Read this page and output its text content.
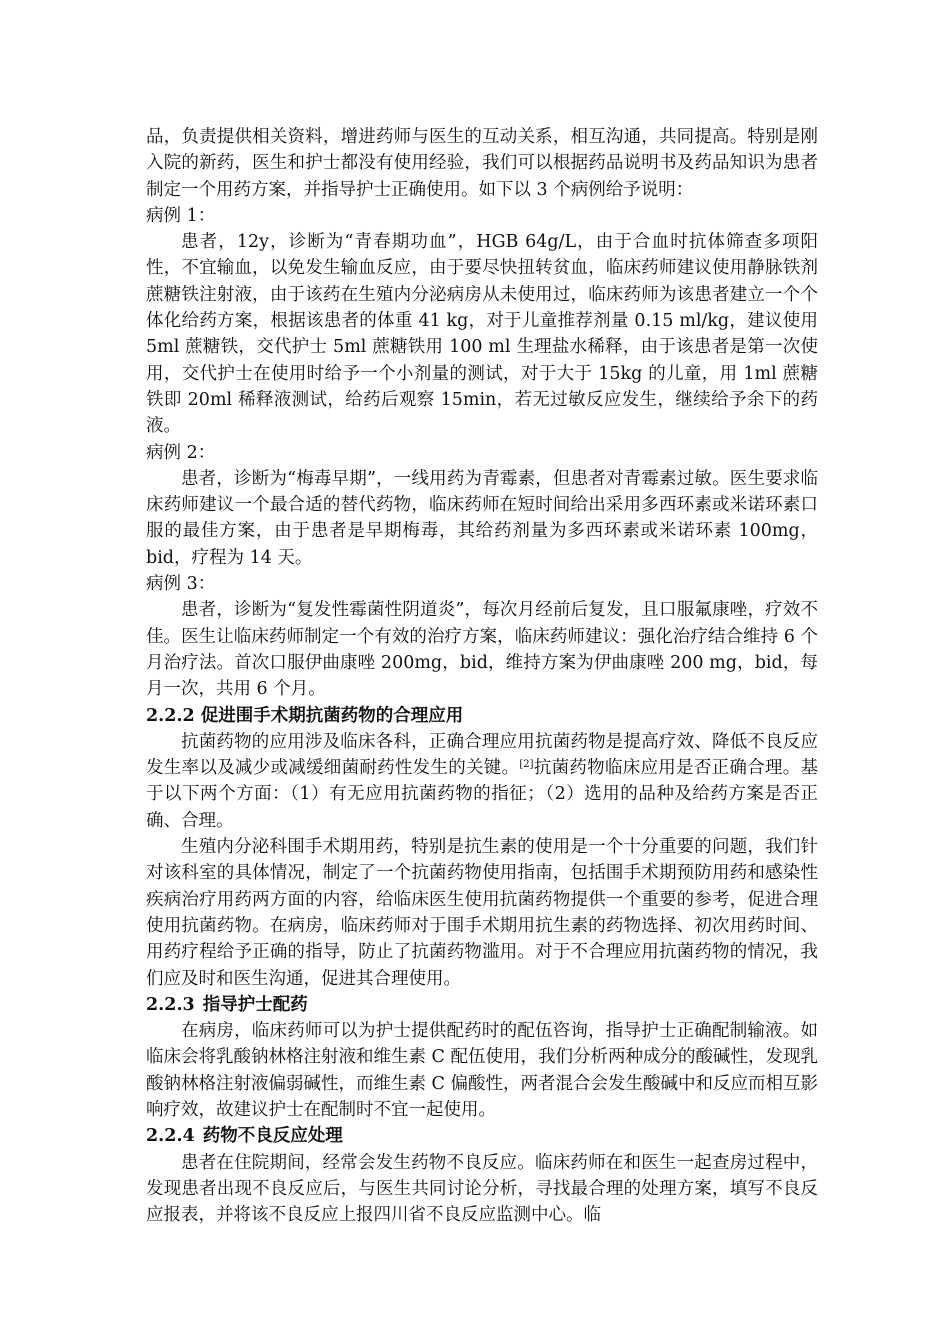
品，负责提供相关资料，增进药师与医生的互动关系，相互沟通，共同提高。特别是刚入院的新药，医生和护士都没有使用经验，我们可以根据药品说明书及药品知识为患者制定一个用药方案，并指导护士正确使用。如下以 3 个病例给予说明：

病例 1：

患者，12y，诊断为“青春期功血”，HGB 64g/L，由于合血时抗体筛查多项阳性，不宜输血，以免发生输血反应，由于要尽快扭转贫血，临床药师建议使用静脉铁剂蔗糖铁注射液，由于该药在生殖内分泌病房从未使用过，临床药师为该患者建立一个个体化给药方案，根据该患者的体重 41 kg，对于儿童推荐剂量 0.15 ml/kg，建议使用 5ml 蔗糖铁，交代护士 5ml 蔗糖铁用 100 ml 生理盐水稀释，由于该患者是第一次使用，交代护士在使用时给予一个小剂量的测试，对于大于 15kg 的儿童，用 1ml 蔗糖铁即 20ml 稀释液测试，给药后观察 15min，若无过敏反应发生，继续给予余下的药液。

病例 2：

患者，诊断为“梅毒早期”，一线用药为青霉素，但患者对青霉素过敏。医生要求临床药师建议一个最合适的替代药物，临床药师在短时间给出采用多西环素或米诺环素口服的最佳方案，由于患者是早期梅毒，其给药剂量为多西环素或米诺环素 100mg，bid，疗程为 14 天。

病例 3：

患者，诊断为“复发性霉菌性阴道炎”，每次月经前后复发，且口服氟康唑，疗效不佳。医生让临床药师制定一个有效的治疗方案，临床药师建议：强化治疗结合维持 6 个月治疗法。首次口服伊曲康唑 200mg，bid，维持方案为伊曲康唑 200 mg，bid，每月一次，共用 6 个月。

2.2.2 促进围手术期抗菌药物的合理应用

抗菌药物的应用涉及临床各科，正确合理应用抗菌药物是提高疗效、降低不良反应发生率以及减少或减缓细菌耐药性发生的关键。[2]抗菌药物临床应用是否正确合理。基于以下两个方面：（1）有无应用抗菌药物的指征；（2）选用的品种及给药方案是否正确、合理。

生殖内分泌科围手术期用药，特别是抗生素的使用是一个十分重要的问题，我们针对该科室的具体情况，制定了一个抗菌药物使用指南，包括围手术期预防用药和感染性疾病治疗用药两方面的内容，给临床医生使用抗菌药物提供一个重要的参考，促进合理使用抗菌药物。在病房，临床药师对于围手术期用抗生素的药物选择、初次用药时间、用药疗程给予正确的指导，防止了抗菌药物滥用。对于不合理应用抗菌药物的情况，我们应及时和医生沟通，促进其合理使用。

2.2.3 指导护士配药

在病房，临床药师可以为护士提供配药时的配伍咨询，指导护士正确配制输液。如临床会将乳酸钠林格注射液和维生素 C 配伍使用，我们分析两种成分的酸碱性，发现乳酸钠林格注射液偏弱碱性，而维生素 C 偏酸性，两者混合会发生酸碱中和反应而相互影响疗效，故建议护士在配制时不宜一起使用。

2.2.4 药物不良反应处理

患者在住院期间，经常会发生药物不良反应。临床药师在和医生一起查房过程中，发现患者出现不良反应后，与医生共同讨论分析，寻找最合理的处理方案，填写不良反应报表，并将该不良反应上报四川省不良反应监测中心。临
